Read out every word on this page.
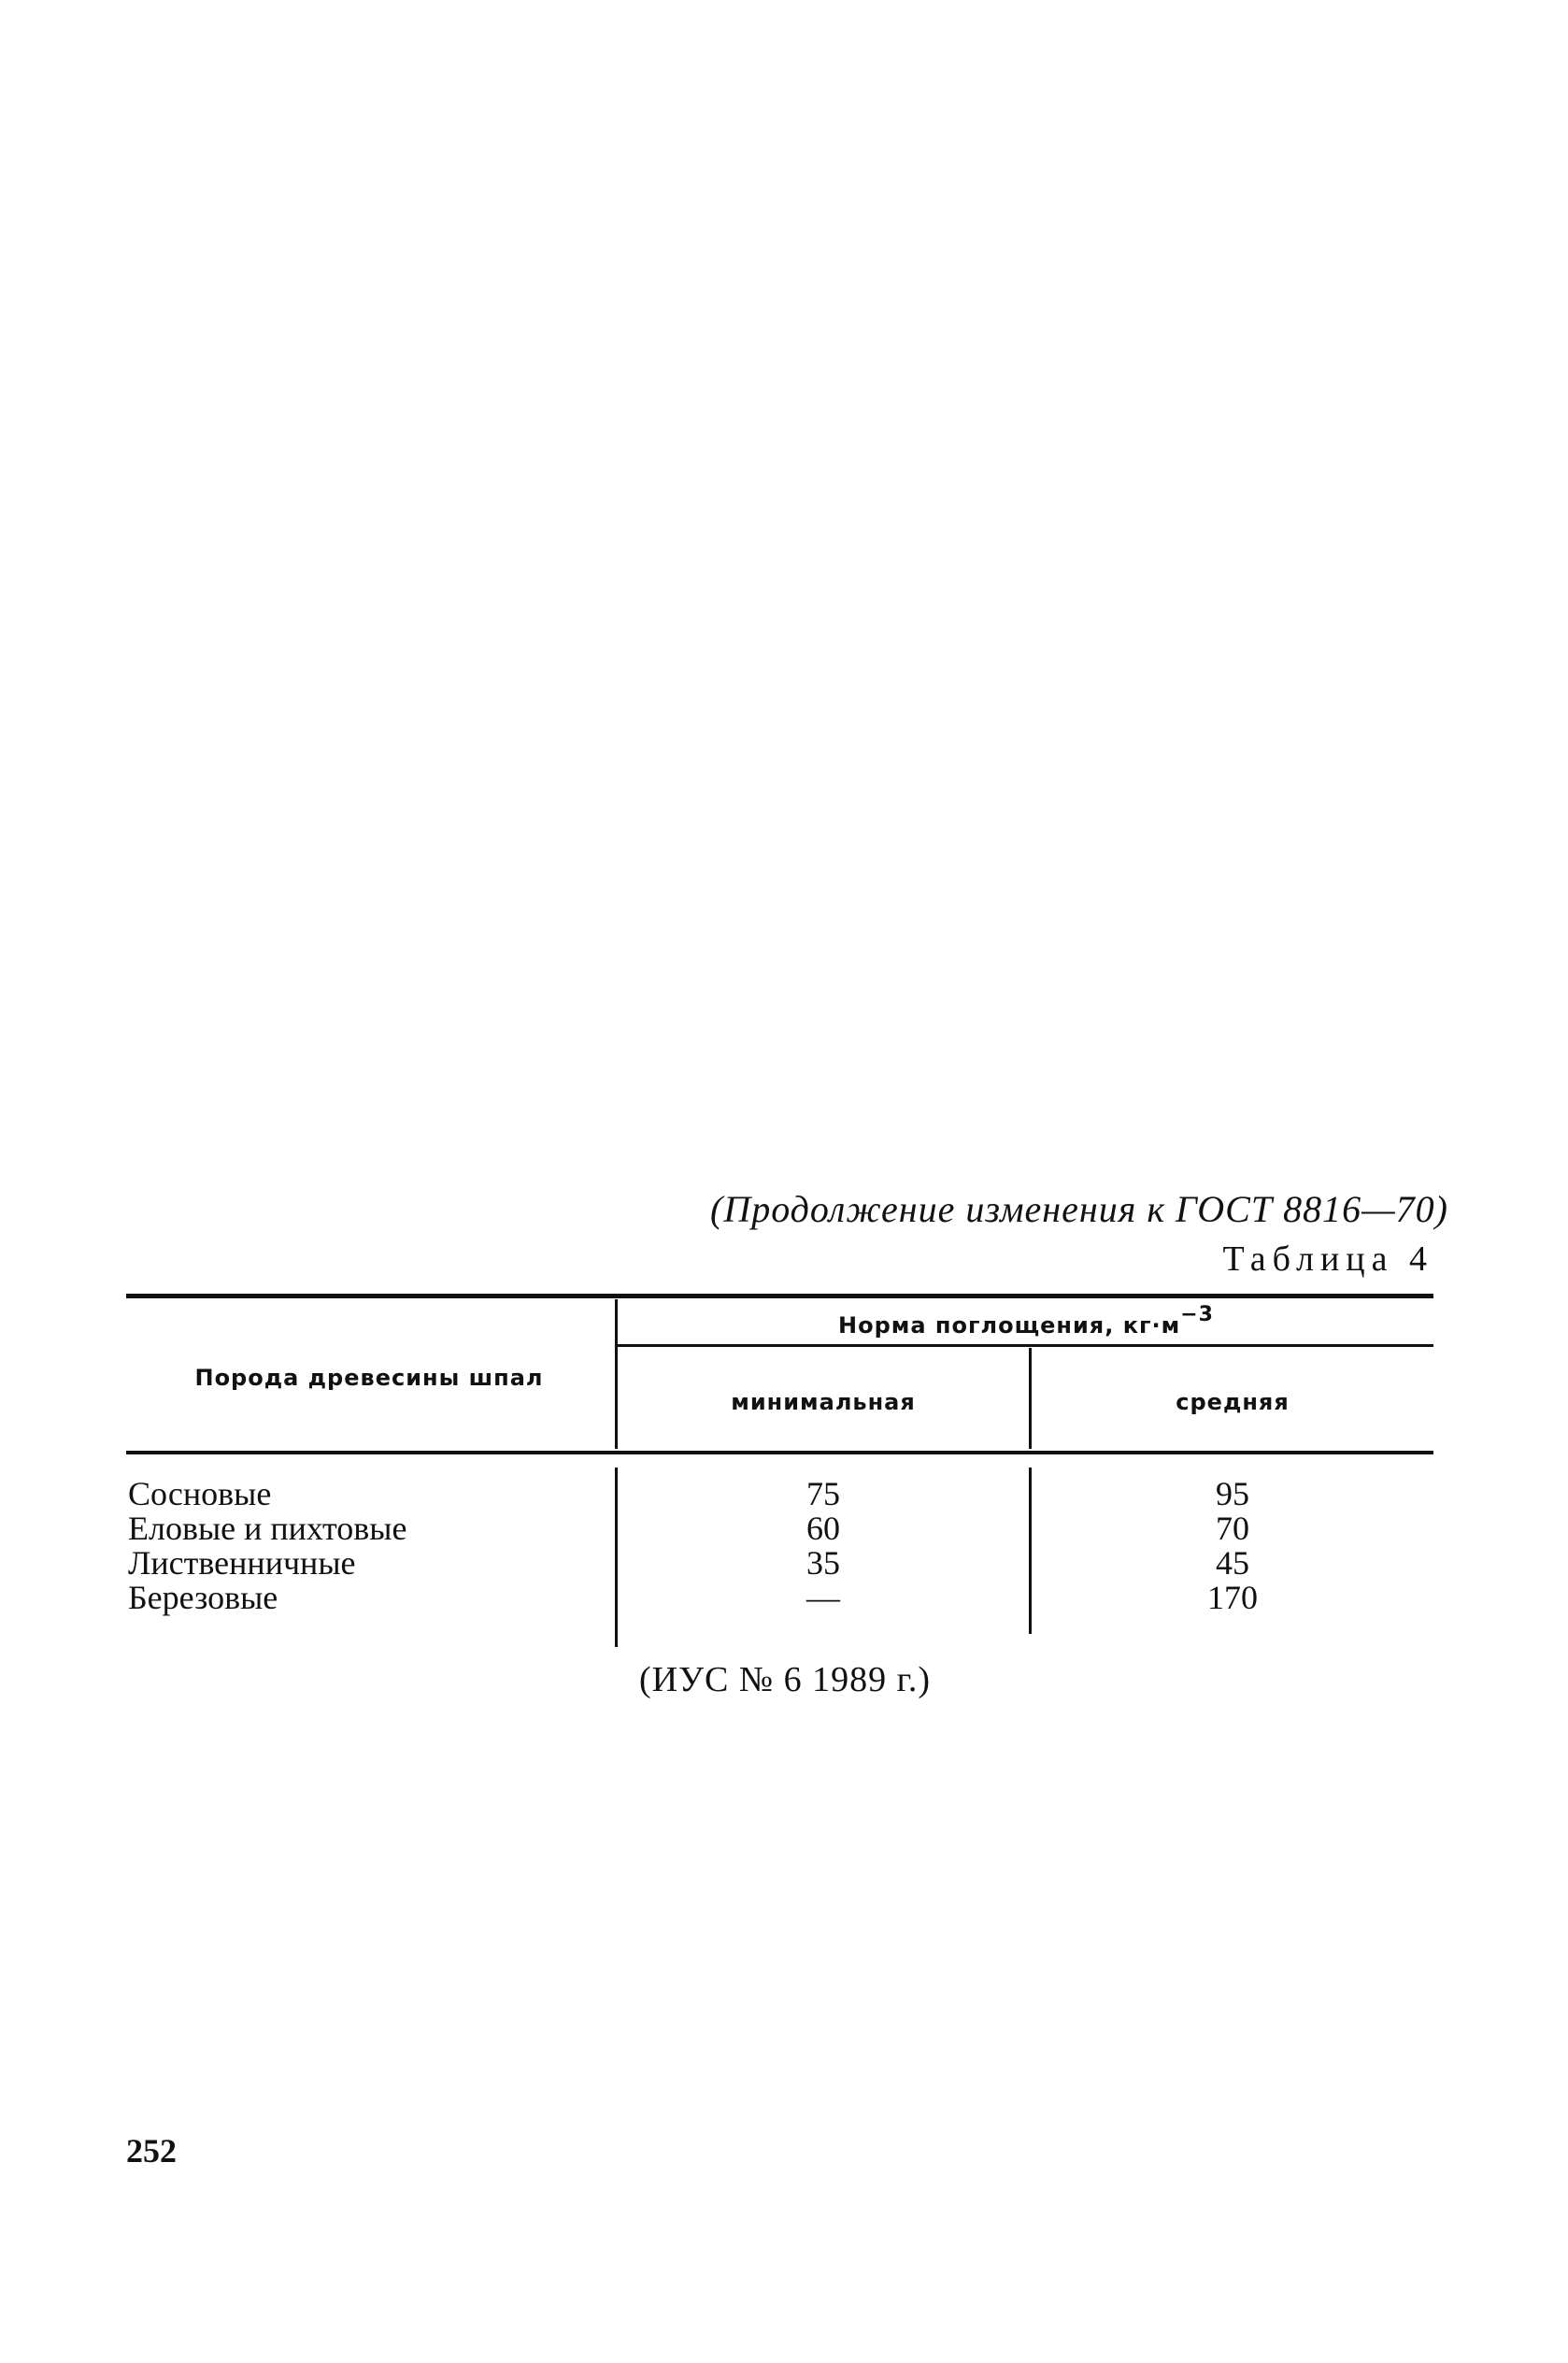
(Продолжение изменения к ГОСТ 8816—70)
Таблица 4
Порода древесины шпал
Норма поглощения, $кг\cdot м^{-3}$
минимальная	средняя
Сосновые	75	95
Еловые и пихтовые	60	70
Лиственничные	35	45
Березовые	—	170
(ИУС № 6 1989 г.)
252
